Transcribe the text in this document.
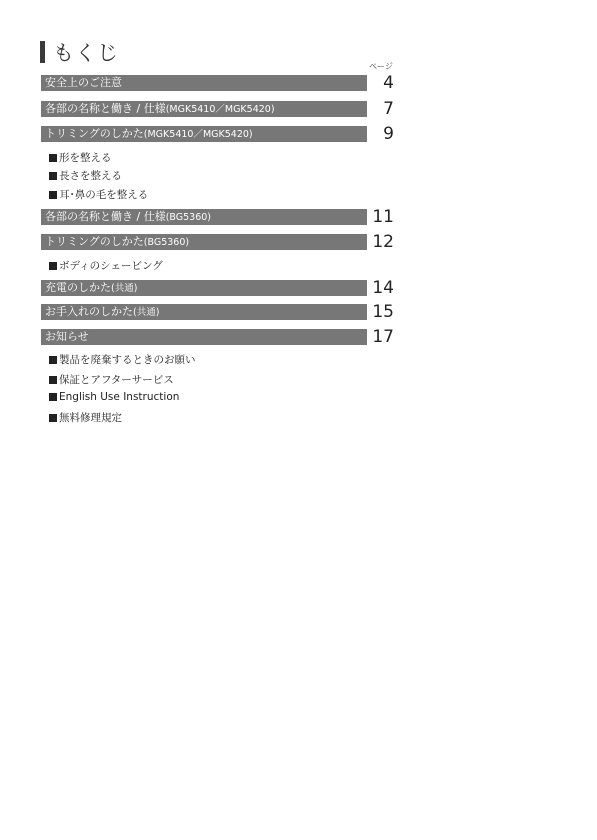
もくじ
ページ
安全上のご注意	4
各部の名称と働き / 仕様(MGK5410／MGK5420)	7
トリミングのしかた(MGK5410／MGK5420)	9
形を整える
長さを整える
耳･鼻の毛を整える
各部の名称と働き / 仕様(BG5360)	11
トリミングのしかた(BG5360)	12
ボディのシェービング
充電のしかた(共通)	14
お手入れのしかた(共通)	15
お知らせ	17
製品を廃棄するときのお願い
保証とアフターサービス
English Use Instruction
無料修理規定
